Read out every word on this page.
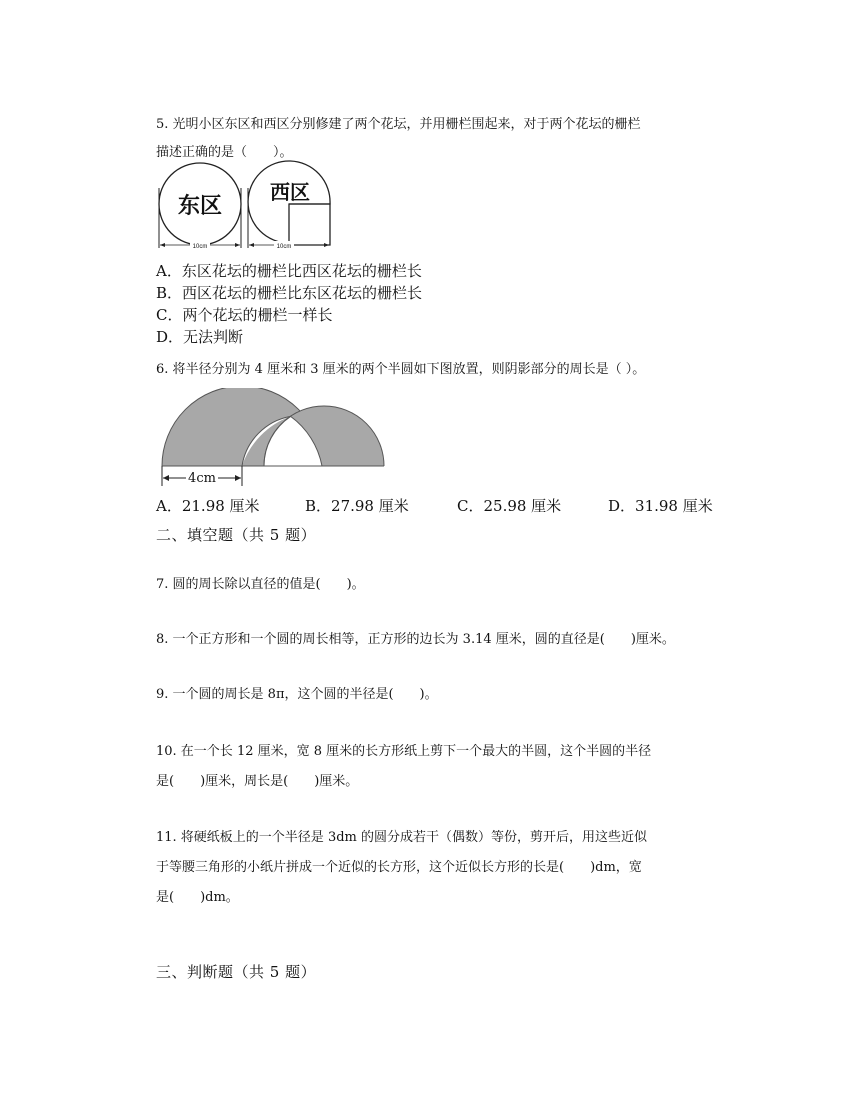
5. 光明小区东区和西区分别修建了两个花坛，并用栅栏围起来，对于两个花坛的栅栏
描述正确的是（　　）。
东区
10cm
西区
10cm
A．东区花坛的栅栏比西区花坛的栅栏长
B．西区花坛的栅栏比东区花坛的栅栏长
C．两个花坛的栅栏一样长
D．无法判断
6. 将半径分别为 4 厘米和 3 厘米的两个半圆如下图放置，则阴影部分的周长是（ ）。
4cm
A．21.98 厘米	B．27.98 厘米	C．25.98 厘米	D．31.98 厘米
二、填空题（共 5 题）
7. 圆的周长除以直径的值是(　　)。
8. 一个正方形和一个圆的周长相等，正方形的边长为 3.14 厘米，圆的直径是(　　)厘米。
9. 一个圆的周长是 8π，这个圆的半径是(　　)。
10. 在一个长 12 厘米，宽 8 厘米的长方形纸上剪下一个最大的半圆，这个半圆的半径
是(　　)厘米，周长是(　　)厘米。
11. 将硬纸板上的一个半径是 3dm 的圆分成若干（偶数）等份，剪开后，用这些近似
于等腰三角形的小纸片拼成一个近似的长方形，这个近似长方形的长是(　　)dm，宽
是(　　)dm。
三、判断题（共 5 题）
